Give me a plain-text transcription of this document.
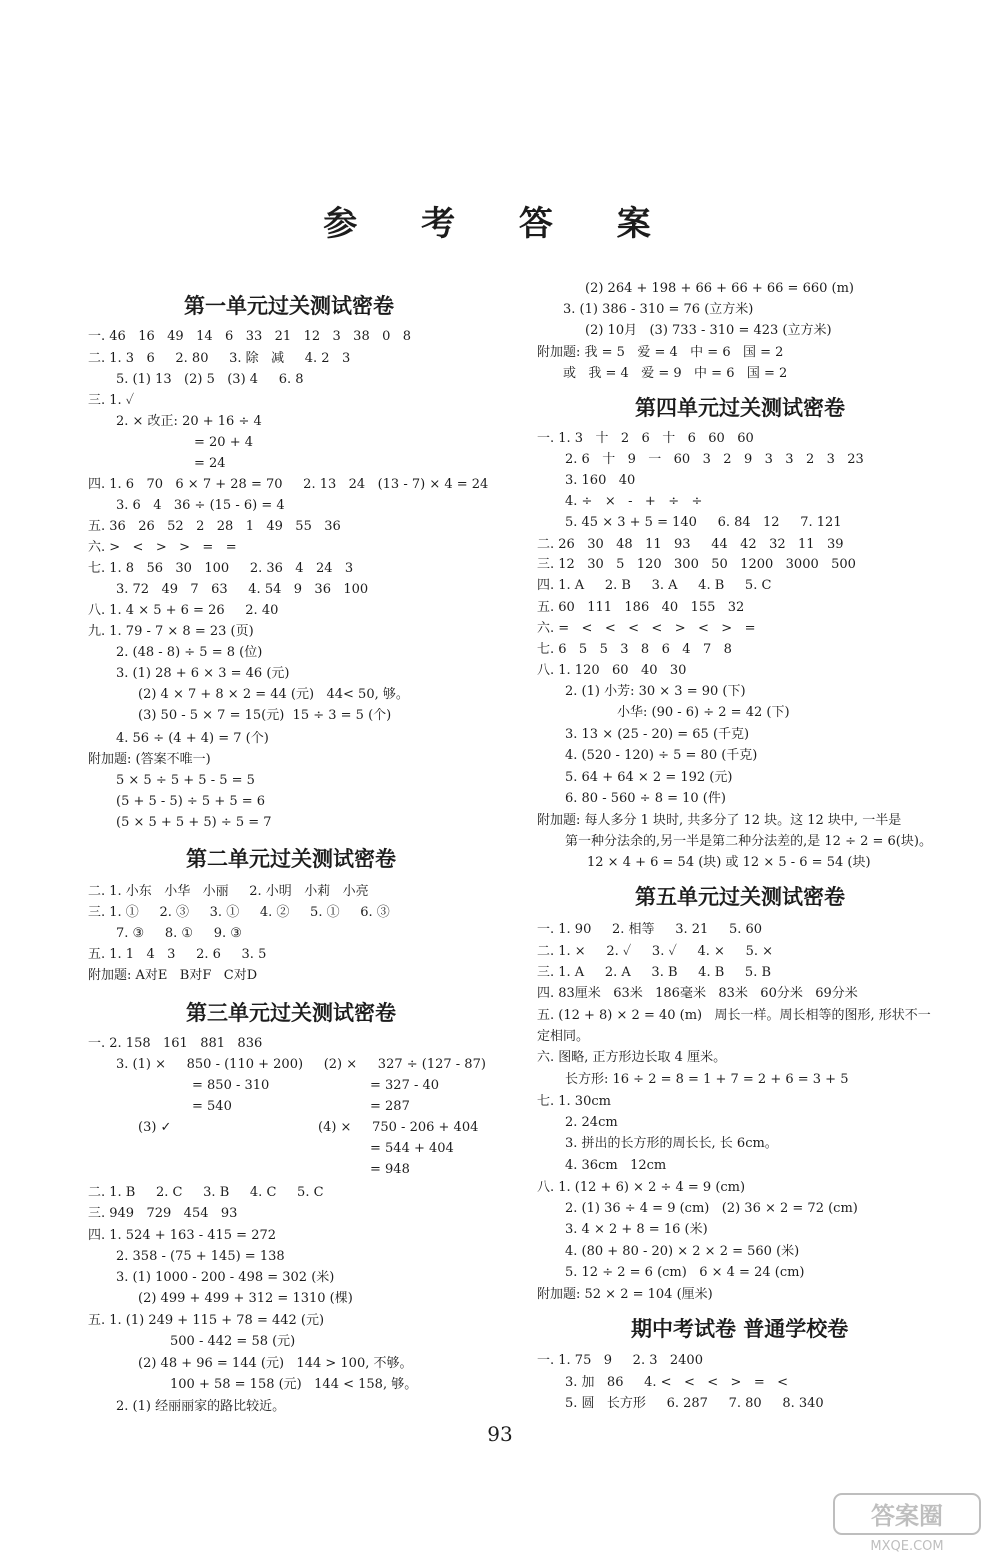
参 考 答 案
第一单元过关测试密卷
一. 46   16   49   14   6   33   21   12   3   38   0   8
二. 1. 3   6     2. 80     3. 除   减     4. 2   3
5. (1) 13   (2) 5   (3) 4     6. 8
三. 1. ✓
2. × 改正: 20 + 16 ÷ 4
= 20 + 4
= 24
四. 1. 6   70   6 × 7 + 28 = 70     2. 13   24   (13 - 7) × 4 = 24
3. 6   4   36 ÷ (15 - 6) = 4
五. 36   26   52   2   28   1   49   55   36
六. >   <   >   >   =   =
七. 1. 8   56   30   100     2. 36   4   24   3
3. 72   49   7   63     4. 54   9   36   100
八. 1. 4 × 5 + 6 = 26     2. 40
九. 1. 79 - 7 × 8 = 23 (页)
2. (48 - 8) ÷ 5 = 8 (位)
3. (1) 28 + 6 × 3 = 46 (元)
(2) 4 × 7 + 8 × 2 = 44 (元)   44< 50, 够。
(3) 50 - 5 × 7 = 15(元)  15 ÷ 3 = 5 (个)
4. 56 ÷ (4 + 4) = 7 (个)
附加题: (答案不唯一)
5 × 5 ÷ 5 + 5 - 5 = 5
(5 + 5 - 5) ÷ 5 + 5 = 6
(5 × 5 + 5 + 5) ÷ 5 = 7
第二单元过关测试密卷
二. 1. 小东   小华   小丽     2. 小明   小莉   小亮
三. 1. ①     2. ③     3. ①     4. ②     5. ①     6. ③
7. ③     8. ①     9. ③
五. 1. 1   4   3     2. 6     3. 5
附加题: A对E   B对F   C对D
第三单元过关测试密卷
一. 2. 158   161   881   836
3. (1) ×     850 - (110 + 200)     (2) ×     327 ÷ (127 - 87)
= 850 - 310	= 327 - 40
= 540	= 287
(3) ✓	(4) ×     750 - 206 + 404
= 544 + 404
= 948
二. 1. B     2. C     3. B     4. C     5. C
三. 949   729   454   93
四. 1. 524 + 163 - 415 = 272
2. 358 - (75 + 145) = 138
3. (1) 1000 - 200 - 498 = 302 (米)
(2) 499 + 499 + 312 = 1310 (棵)
五. 1. (1) 249 + 115 + 78 = 442 (元)
500 - 442 = 58 (元)
(2) 48 + 96 = 144 (元)   144 > 100, 不够。
100 + 58 = 158 (元)   144 < 158, 够。
2. (1) 经丽丽家的路比较近。
(2) 264 + 198 + 66 + 66 + 66 = 660 (m)
3. (1) 386 - 310 = 76 (立方米)
(2) 10月   (3) 733 - 310 = 423 (立方米)
附加题: 我 = 5   爱 = 4   中 = 6   国 = 2
或   我 = 4   爱 = 9   中 = 6   国 = 2
第四单元过关测试密卷
一. 1. 3   十   2   6   十   6   60   60
2. 6   十   9   一   60   3   2   9   3   3   2   3   23
3. 160   40
4. ÷   ×   -   +   ÷   ÷
5. 45 × 3 + 5 = 140     6. 84   12     7. 121
二. 26   30   48   11   93     44   42   32   11   39
三. 12   30   5   120   300   50   1200   3000   500
四. 1. A     2. B     3. A     4. B     5. C
五. 60   111   186   40   155   32
六. =   <   <   <   <   >   <   >   =
七. 6   5   5   3   8   6   4   7   8
八. 1. 120   60   40   30
2. (1) 小芳: 30 × 3 = 90 (下)
小华: (90 - 6) ÷ 2 = 42 (下)
3. 13 × (25 - 20) = 65 (千克)
4. (520 - 120) ÷ 5 = 80 (千克)
5. 64 + 64 × 2 = 192 (元)
6. 80 - 560 ÷ 8 = 10 (件)
附加题: 每人多分 1 块时, 共多分了 12 块。这 12 块中, 一半是
第一种分法余的,另一半是第二种分法差的,是 12 ÷ 2 = 6(块)。
12 × 4 + 6 = 54 (块) 或 12 × 5 - 6 = 54 (块)
第五单元过关测试密卷
一. 1. 90     2. 相等     3. 21     5. 60
二. 1. ×     2. ✓     3. ✓     4. ×     5. ×
三. 1. A     2. A     3. B     4. B     5. B
四. 83厘米   63米   186毫米   83米   60分米   69分米
五. (12 + 8) × 2 = 40 (m)   周长一样。周长相等的图形, 形状不一
定相同。
六. 图略, 正方形边长取 4 厘米。
长方形: 16 ÷ 2 = 8 = 1 + 7 = 2 + 6 = 3 + 5
七. 1. 30cm
2. 24cm
3. 拼出的长方形的周长长, 长 6cm。
4. 36cm   12cm
八. 1. (12 + 6) × 2 ÷ 4 = 9 (cm)
2. (1) 36 ÷ 4 = 9 (cm)   (2) 36 × 2 = 72 (cm)
3. 4 × 2 + 8 = 16 (米)
4. (80 + 80 - 20) × 2 × 2 = 560 (米)
5. 12 ÷ 2 = 6 (cm)   6 × 4 = 24 (cm)
附加题: 52 × 2 = 104 (厘米)
期中考试卷 普通学校卷
一. 1. 75   9     2. 3   2400
3. 加   86     4. <   <   <   >   =   <
5. 圆   长方形     6. 287     7. 80     8. 340
93
答案圈
MXQE.COM
